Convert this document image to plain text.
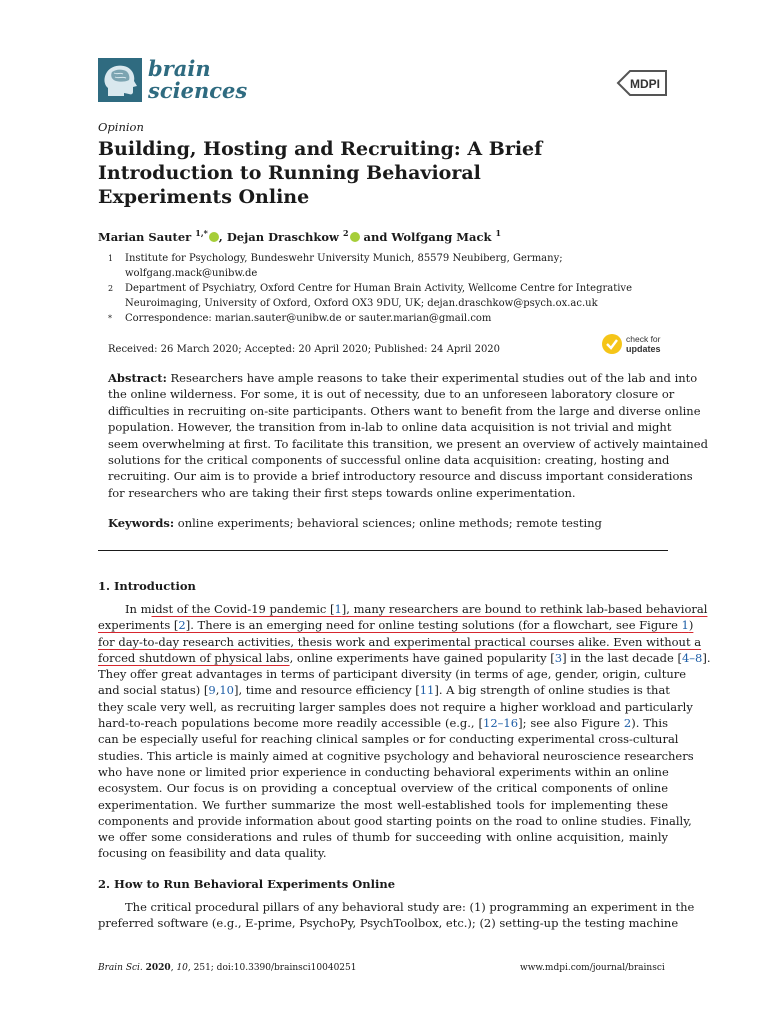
brain
sciences	MDPI
Opinion
Building, Hosting and Recruiting: A Brief
Introduction to Running Behavioral
Experiments Online
Marian Sauter $^{1,*}$ , Dejan Draschkow $^2$ and Wolfgang Mack $^1$
1 Institute for Psychology, Bundeswehr University Munich, 85579 Neubiberg, Germany; wolfgang.mack@unibw.de
2 Department of Psychiatry, Oxford Centre for Human Brain Activity, Wellcome Centre for Integrative Neuroimaging, University of Oxford, Oxford OX3 9DU, UK; dejan.draschkow@psych.ox.ac.uk
* Correspondence: marian.sauter@unibw.de or sauter.marian@gmail.com
Received: 26 March 2020; Accepted: 20 April 2020; Published: 24 April 2020
check for
updates
Abstract: Researchers have ample reasons to take their experimental studies out of the lab and into
the online wilderness. For some, it is out of necessity, due to an unforeseen laboratory closure or
difficulties in recruiting on-site participants. Others want to benefit from the large and diverse online
population. However, the transition from in-lab to online data acquisition is not trivial and might
seem overwhelming at first. To facilitate this transition, we present an overview of actively maintained
solutions for the critical components of successful online data acquisition: creating, hosting and
recruiting. Our aim is to provide a brief introductory resource and discuss important considerations
for researchers who are taking their first steps towards online experimentation.
Keywords: online experiments; behavioral sciences; online methods; remote testing
1. Introduction
In midst of the Covid-19 pandemic [1], many researchers are bound to rethink lab-based behavioral
experiments [2]. There is an emerging need for online testing solutions (for a flowchart, see Figure 1)
for day-to-day research activities, thesis work and experimental practical courses alike. Even without a
forced shutdown of physical labs, online experiments have gained popularity [3] in the last decade [4–8].
They offer great advantages in terms of participant diversity (in terms of age, gender, origin, culture
and social status) [9,10], time and resource efficiency [11]. A big strength of online studies is that
they scale very well, as recruiting larger samples does not require a higher workload and particularly
hard-to-reach populations become more readily accessible (e.g., [12–16]; see also Figure 2). This
can be especially useful for reaching clinical samples or for conducting experimental cross-cultural
studies. This article is mainly aimed at cognitive psychology and behavioral neuroscience researchers
who have none or limited prior experience in conducting behavioral experiments within an online
ecosystem. Our focus is on providing a conceptual overview of the critical components of online
experimentation. We further summarize the most well-established tools for implementing these
components and provide information about good starting points on the road to online studies. Finally,
we offer some considerations and rules of thumb for succeeding with online acquisition, mainly
focusing on feasibility and data quality.
2. How to Run Behavioral Experiments Online
The critical procedural pillars of any behavioral study are: (1) programming an experiment in the
preferred software (e.g., E-prime, PsychoPy, PsychToolbox, etc.); (2) setting-up the testing machine
Brain Sci. 2020, 10, 251; doi:10.3390/brainsci10040251	www.mdpi.com/journal/brainsci
